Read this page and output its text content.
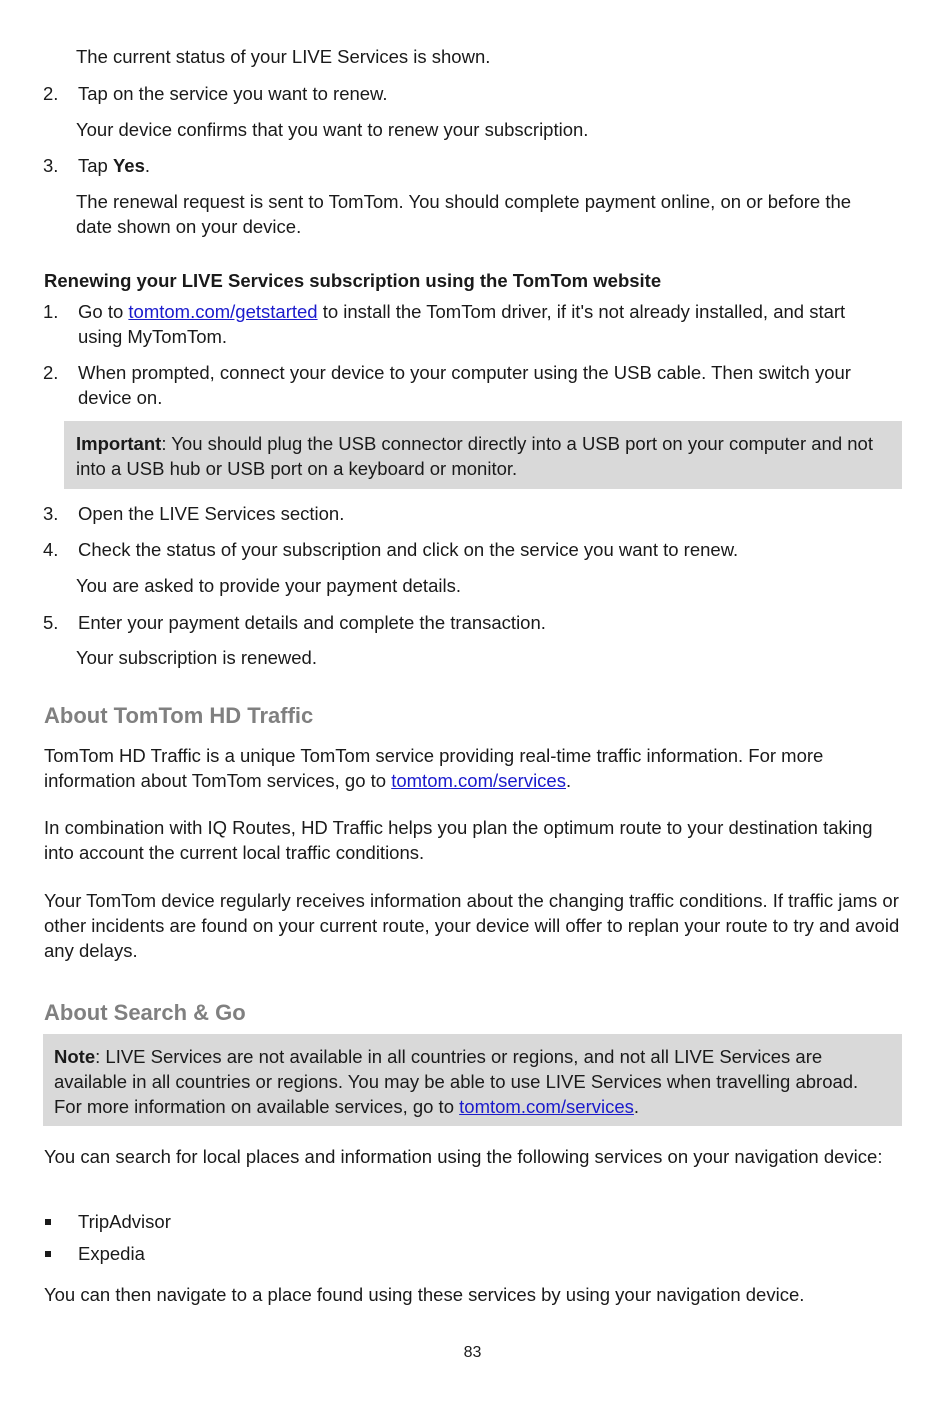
The current status of your LIVE Services is shown.
2. Tap on the service you want to renew.
Your device confirms that you want to renew your subscription.
3. Tap Yes.
The renewal request is sent to TomTom. You should complete payment online, on or before the date shown on your device.
Renewing your LIVE Services subscription using the TomTom website
1. Go to tomtom.com/getstarted to install the TomTom driver, if it's not already installed, and start using MyTomTom.
2. When prompted, connect your device to your computer using the USB cable. Then switch your device on.
Important: You should plug the USB connector directly into a USB port on your computer and not into a USB hub or USB port on a keyboard or monitor.
3. Open the LIVE Services section.
4. Check the status of your subscription and click on the service you want to renew.
You are asked to provide your payment details.
5. Enter your payment details and complete the transaction.
Your subscription is renewed.
About TomTom HD Traffic
TomTom HD Traffic is a unique TomTom service providing real-time traffic information. For more information about TomTom services, go to tomtom.com/services.
In combination with IQ Routes, HD Traffic helps you plan the optimum route to your destination taking into account the current local traffic conditions.
Your TomTom device regularly receives information about the changing traffic conditions. If traffic jams or other incidents are found on your current route, your device will offer to replan your route to try and avoid any delays.
About Search & Go
Note: LIVE Services are not available in all countries or regions, and not all LIVE Services are available in all countries or regions. You may be able to use LIVE Services when travelling abroad. For more information on available services, go to tomtom.com/services.
You can search for local places and information using the following services on your navigation device:
TripAdvisor
Expedia
You can then navigate to a place found using these services by using your navigation device.
83
